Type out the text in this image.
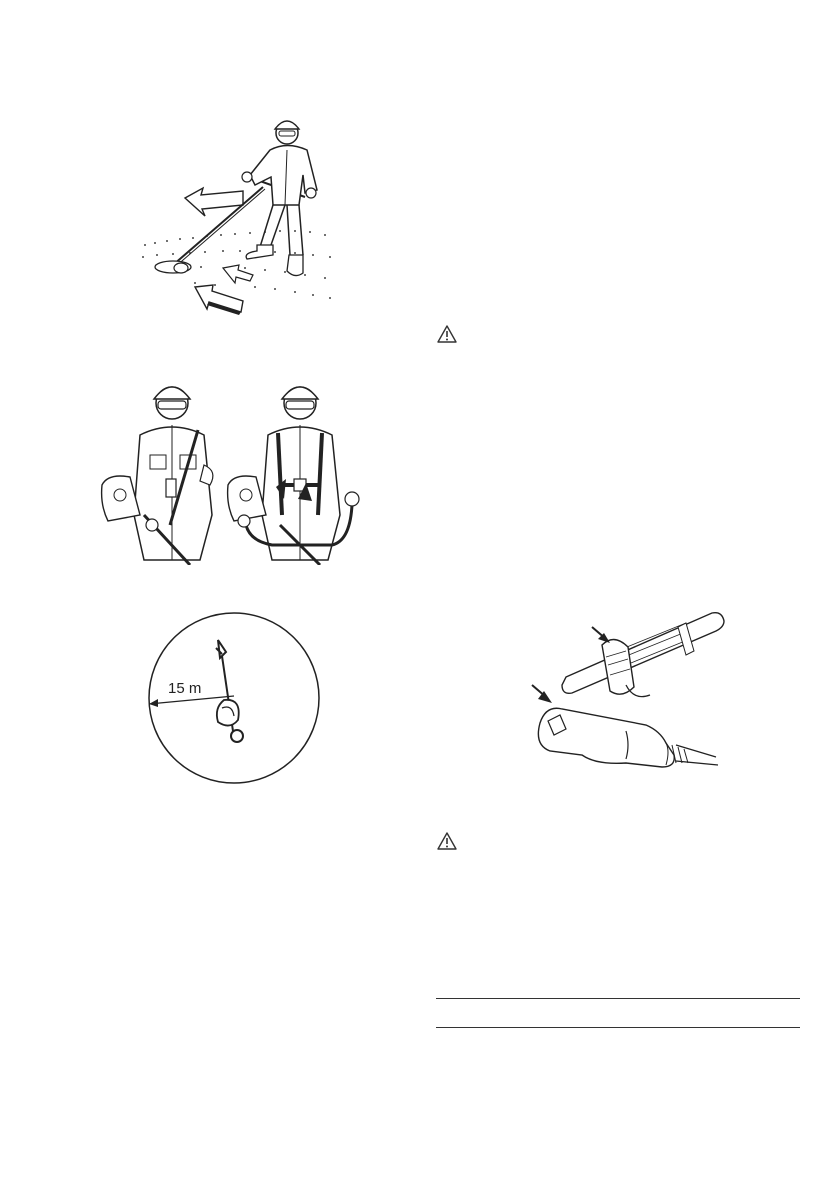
15 m
